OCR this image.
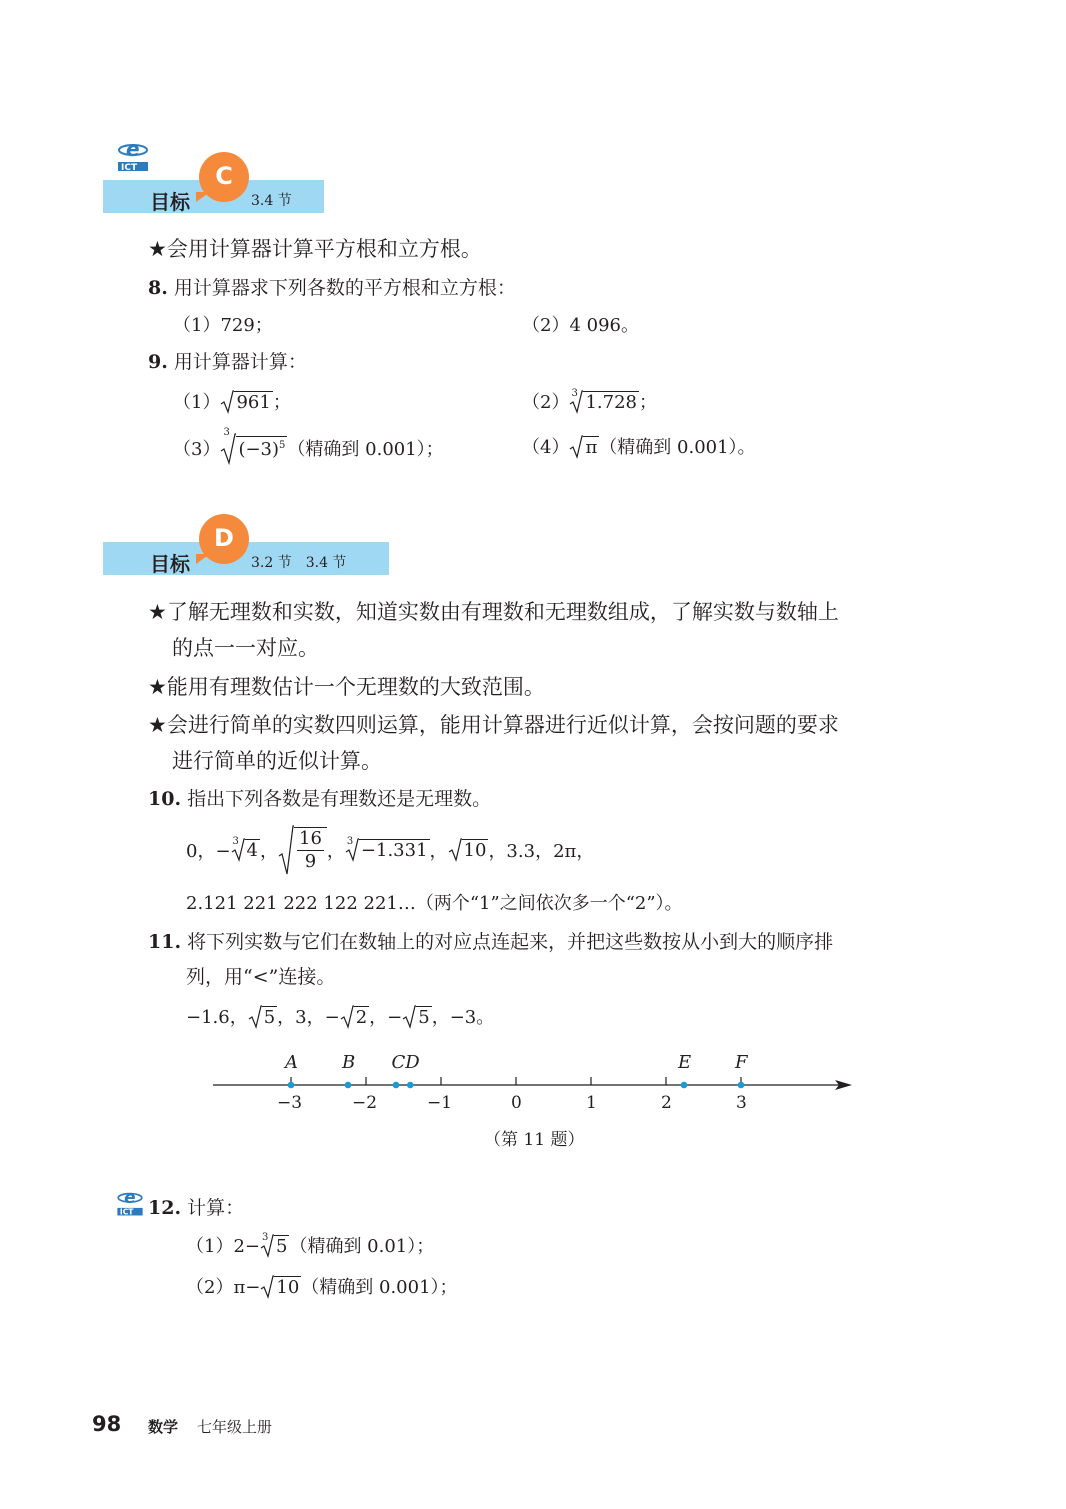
e
ICT
目标
C
3.4 节
★会用计算器计算平方根和立方根。
8. 用计算器求下列各数的平方根和立方根：
（1）729；	（2）4 096。
9. 用计算器计算：
（1） 961 ；	（2） 3 1.728 ；
（3）
3
$(-3)^5$ （精确到 0.001）；	（4） π （精确到 0.001）。
目标
D
3.2 节　3.4 节
★了解无理数和实数，知道实数由有理数和无理数组成，了解实数与数轴上
的点一一对应。
★能用有理数估计一个无理数的大致范围。
★会进行简单的实数四则运算，能用计算器进行近似计算，会按问题的要求
进行简单的近似计算。
10. 指出下列各数是有理数还是无理数。
0，− 3 4 ， $\frac{16}{9}$ ， 3 −1.331 ， 10 ，3.3，2π，
2.121 221 222 122 221…（两个“1”之间依次多一个“2”）。
11. 将下列实数与它们在数轴上的对应点连起来，并把这些数按从小到大的顺序排
列，用“<”连接。
−1.6， 5 ，3，− 2 ，− 5 ，−3。
−3	−2	−1	0	1	2	3
A B CD	E F
（第 11 题）
e
ICT 12. 计算：
（1）2− 3 5 （精确到 0.01）；
（2）π− 10 （精确到 0.001）；
98 数学 七年级上册
